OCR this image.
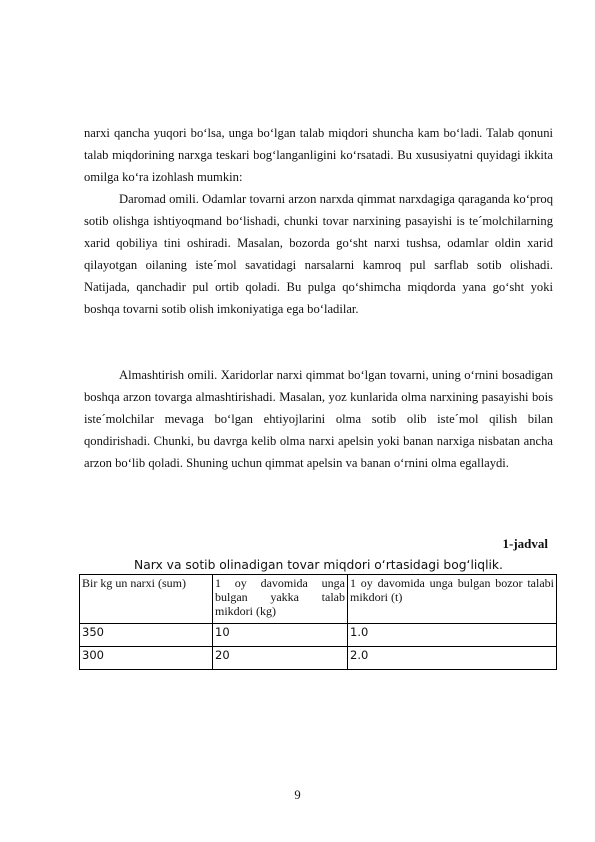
narxi qancha yuqori bo‘lsa, unga bo‘lgan talab miqdori shuncha kam bo‘ladi. Talab qonuni talab miqdorining narxga teskari bog‘langanligini ko‘rsatadi. Bu xususiyatni quyidagi ikkita omilga ko‘ra izohlash mumkin:

Daromad omili. Odamlar tovarni arzon narxda qimmat narxdagiga qaraganda ko‘proq sotib olishga ishtiyoqmand bo‘lishadi, chunki tovar narxining pasayishi is te´molchilarning xarid qobiliya tini oshiradi. Masalan, bozorda go‘sht narxi tushsa, odamlar oldin xarid qilayotgan oilaning iste´mol savatidagi narsalarni kamroq pul sarflab sotib olishadi. Natijada, qanchadir pul ortib qoladi. Bu pulga qo‘shimcha miqdorda yana go‘sht yoki boshqa tovarni sotib olish imkoniyatiga ega bo‘ladilar.

Almashtirish omili. Xaridorlar narxi qimmat bo‘lgan tovarni, uning o‘rnini bosadigan boshqa arzon tovarga almashtirishadi. Masalan, yoz kunlarida olma narxining pasayishi bois iste´molchilar mevaga bo‘lgan ehtiyojlarini olma sotib olib iste´mol qilish bilan qondirishadi. Chunki, bu davrga kelib olma narxi apelsin yoki banan narxiga nisbatan ancha arzon bo‘lib qoladi. Shuning uchun qimmat apelsin va banan o‘rnini olma egallaydi.

1-jadval
Narx va sotib olinadigan tovar miqdori o‘rtasidagi bog‘liqlik.
Bir kg un narxi (sum)	1 oy davomida unga bulgan yakka talab mikdori (kg)	1 oy davomida unga bulgan bozor talabi mikdori (t)
350	10	1.0
300	20	2.0
9
